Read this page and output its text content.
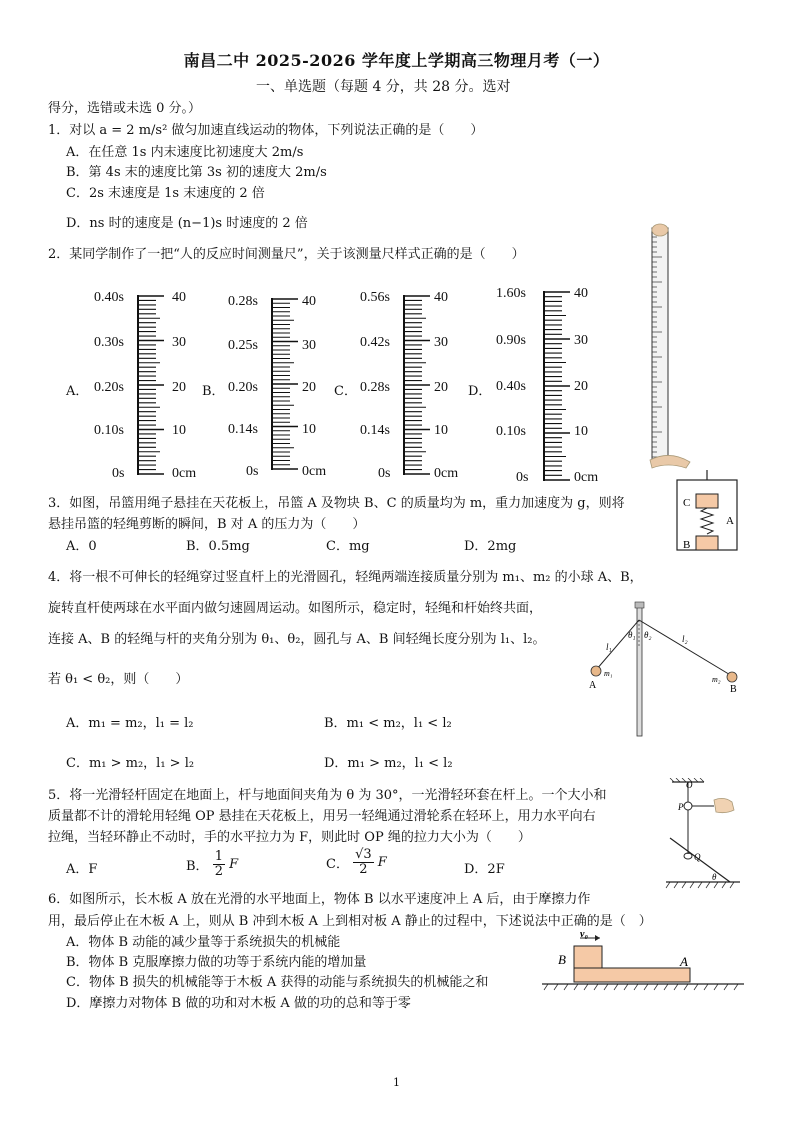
南昌二中 2025-2026 学年度上学期高三物理月考（一）
一、单选题（每题 4 分，共 28 分。选对
得分，选错或未选 0 分。）
1．对以 a = 2 m/s² 做匀加速直线运动的物体，下列说法正确的是（　　）
A．在任意 1s 内末速度比初速度大 2m/s
B．第 4s 末的速度比第 3s 初的速度大 2m/s
C．2s 末速度是 1s 末速度的 2 倍
D．ns 时的速度是 (n−1)s 时速度的 2 倍
2．某同学制作了一把“人的反应时间测量尺”，关于该测量尺样式正确的是（　　）
A．
0.40s
0.30s
0.20s
0.10s
0s
40
30
20
10
0cm
B．
0.28s
0.25s
0.20s
0.14s
0s
40
30
20
10
0cm
C．
0.56s
0.42s
0.28s
0.14s
0s
40
30
20
10
0cm
D．
1.60s
0.90s
0.40s
0.10s
0s
40
30
20
10
0cm
3．如图，吊篮用绳子悬挂在天花板上，吊篮 A 及物块 B、C 的质量均为 m，重力加速度为 g，则将
悬挂吊篮的轻绳剪断的瞬间，B 对 A 的压力为（　　）
A．0	B．0.5mg	C．mg	D．2mg
C
A
B
4．将一根不可伸长的轻绳穿过竖直杆上的光滑圆孔，轻绳两端连接质量分别为 m₁、m₂ 的小球 A、B，
旋转直杆使两球在水平面内做匀速圆周运动。如图所示，稳定时，轻绳和杆始终共面，
连接 A、B 的轻绳与杆的夹角分别为 θ₁、θ₂，圆孔与 A、B 间轻绳长度分别为 l₁、l₂。
若 θ₁ < θ₂，则（　　）
A．m₁ = m₂，l₁ = l₂	B．m₁ < m₂，l₁ < l₂
C．m₁ > m₂，l₁ > l₂	D．m₁ > m₂，l₁ < l₂
θ₁ θ₂
l₁
l₂
m₁
m₂
A	B
5．将一光滑轻杆固定在地面上，杆与地面间夹角为 θ 为 30°，一光滑轻环套在杆上。一个大小和
质量都不计的滑轮用轻绳 OP 悬挂在天花板上，用另一轻绳通过滑轮系在轻环上，用力水平向右
拉绳，当轻环静止不动时，手的水平拉力为 F，则此时 OP 绳的拉力大小为（　　）
A．F	B． $\frac{1}{2}$ F	C． $\frac{√3}{2}$ F	D．2F
O
P
Q
θ
6．如图所示，长木板 A 放在光滑的水平地面上，物体 B 以水平速度冲上 A 后，由于摩擦力作
用，最后停止在木板 A 上，则从 B 冲到木板 A 上到相对板 A 静止的过程中，下述说法中正确的是（　）
A．物体 B 动能的减少量等于系统损失的机械能
B．物体 B 克服摩擦力做的功等于系统内能的增加量
C．物体 B 损失的机械能等于木板 A 获得的动能与系统损失的机械能之和
D．摩擦力对物体 B 做的功和对木板 A 做的功的总和等于零
v₀
B	A
1
